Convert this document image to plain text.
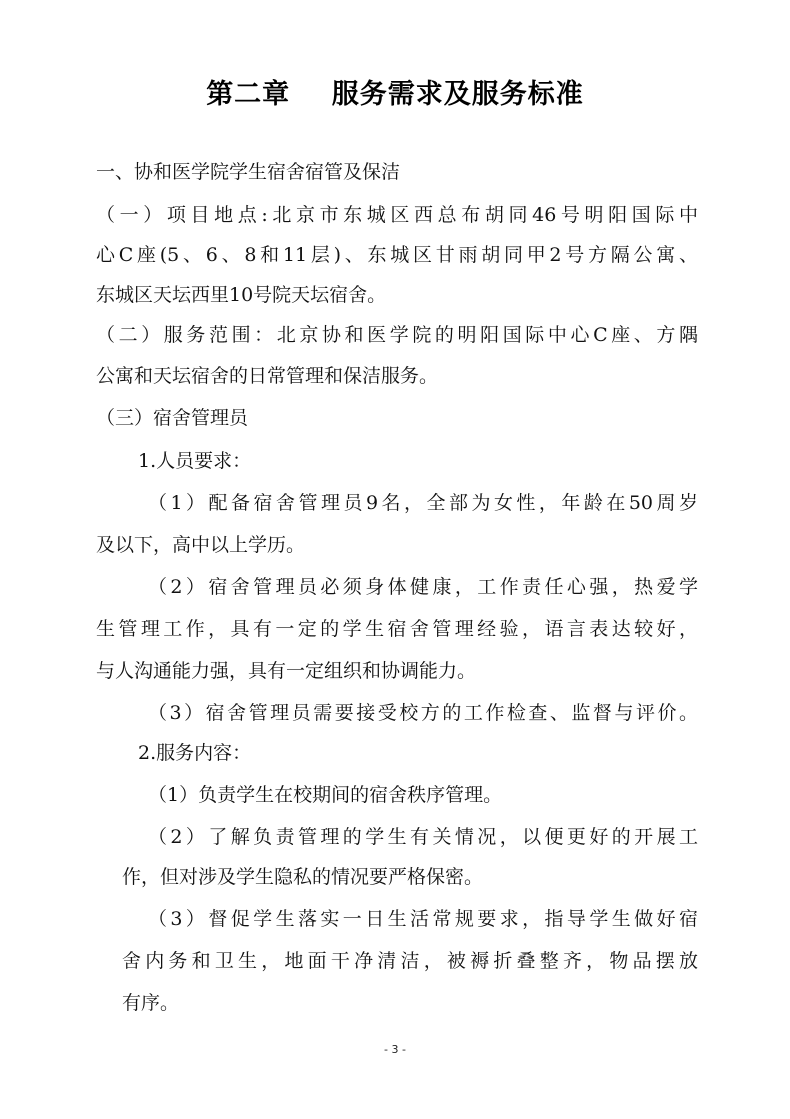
第二章    服务需求及服务标准
一、协和医学院学生宿舍宿管及保洁
（一）项目地点:北京市东城区西总布胡同46号明阳国际中
心C座(5、6、8和11层)、东城区甘雨胡同甲2号方隔公寓、
东城区天坛西里10号院天坛宿舍。
（二）服务范围：北京协和医学院的明阳国际中心C座、方隅
公寓和天坛宿舍的日常管理和保洁服务。
（三）宿舍管理员
1.人员要求：
（1）配备宿舍管理员9名，全部为女性，年龄在50周岁
及以下，高中以上学历。
（2）宿舍管理员必须身体健康，工作责任心强，热爱学
生管理工作，具有一定的学生宿舍管理经验，语言表达较好，
与人沟通能力强，具有一定组织和协调能力。
（3）宿舍管理员需要接受校方的工作检查、监督与评价。
2.服务内容：
（1）负责学生在校期间的宿舍秩序管理。
（2）了解负责管理的学生有关情况，以便更好的开展工
作，但对涉及学生隐私的情况要严格保密。
（3）督促学生落实一日生活常规要求，指导学生做好宿
舍内务和卫生，地面干净清洁，被褥折叠整齐，物品摆放
有序。
- 3 -
